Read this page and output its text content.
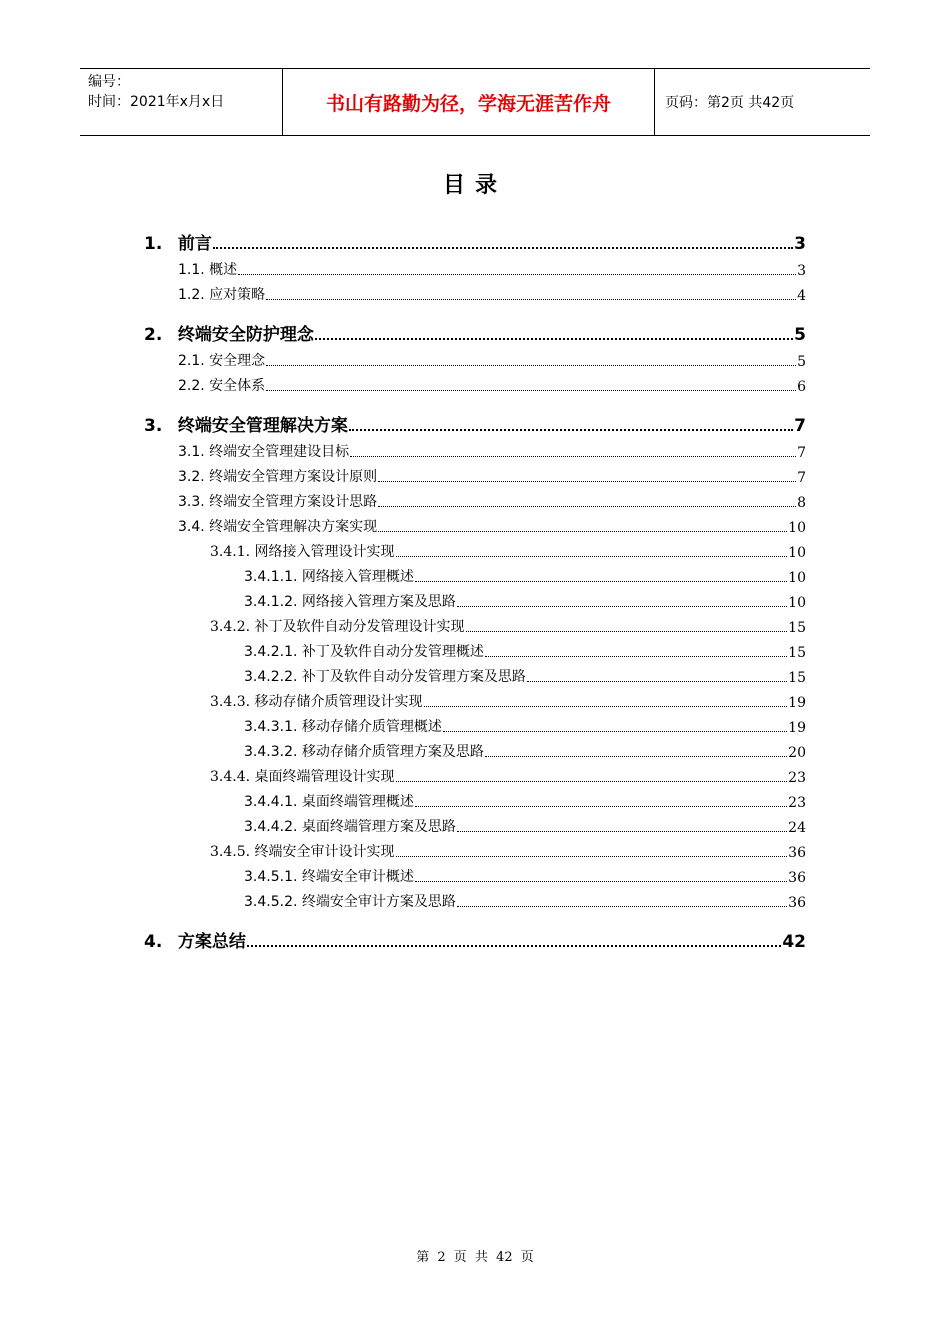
编号：
时间：2021年x月x日	书山有路勤为径，学海无涯苦作舟	页码：第2页 共42页
目录
1. 前言	3
1.1. 概述	3
1.2. 应对策略	4
2. 终端安全防护理念	5
2.1. 安全理念	5
2.2. 安全体系	6
3. 终端安全管理解决方案	7
3.1. 终端安全管理建设目标	7
3.2. 终端安全管理方案设计原则	7
3.3. 终端安全管理方案设计思路	8
3.4. 终端安全管理解决方案实现	10
3.4.1. 网络接入管理设计实现	10
3.4.1.1. 网络接入管理概述	10
3.4.1.2. 网络接入管理方案及思路	10
3.4.2. 补丁及软件自动分发管理设计实现	15
3.4.2.1. 补丁及软件自动分发管理概述	15
3.4.2.2. 补丁及软件自动分发管理方案及思路	15
3.4.3. 移动存储介质管理设计实现	19
3.4.3.1. 移动存储介质管理概述	19
3.4.3.2. 移动存储介质管理方案及思路	20
3.4.4. 桌面终端管理设计实现	23
3.4.4.1. 桌面终端管理概述	23
3.4.4.2. 桌面终端管理方案及思路	24
3.4.5. 终端安全审计设计实现	36
3.4.5.1. 终端安全审计概述	36
3.4.5.2. 终端安全审计方案及思路	36
4. 方案总结	42
第 2 页 共 42 页
